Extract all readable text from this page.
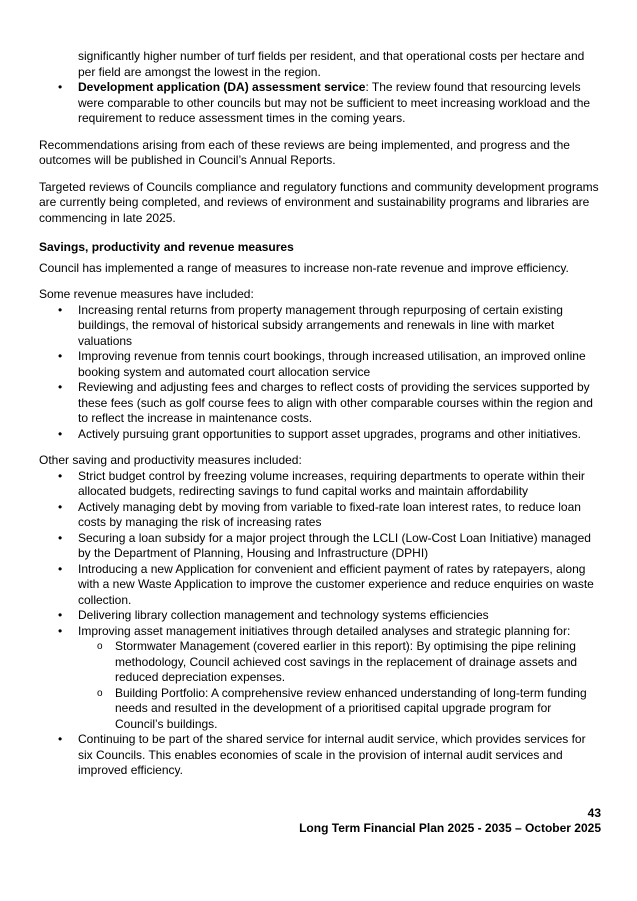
significantly higher number of turf fields per resident, and that operational costs per hectare and per field are amongst the lowest in the region.

• Development application (DA) assessment service: The review found that resourcing levels were comparable to other councils but may not be sufficient to meet increasing workload and the requirement to reduce assessment times in the coming years.

Recommendations arising from each of these reviews are being implemented, and progress and the outcomes will be published in Council’s Annual Reports.

Targeted reviews of Councils compliance and regulatory functions and community development programs are currently being completed, and reviews of environment and sustainability programs and libraries are commencing in late 2025.

Savings, productivity and revenue measures

Council has implemented a range of measures to increase non-rate revenue and improve efficiency.

Some revenue measures have included:

• Increasing rental returns from property management through repurposing of certain existing buildings, the removal of historical subsidy arrangements and renewals in line with market valuations
• Improving revenue from tennis court bookings, through increased utilisation, an improved online booking system and automated court allocation service
• Reviewing and adjusting fees and charges to reflect costs of providing the services supported by these fees (such as golf course fees to align with other comparable courses within the region and to reflect the increase in maintenance costs.
• Actively pursuing grant opportunities to support asset upgrades, programs and other initiatives.

Other saving and productivity measures included:

• Strict budget control by freezing volume increases, requiring departments to operate within their allocated budgets, redirecting savings to fund capital works and maintain affordability
• Actively managing debt by moving from variable to fixed-rate loan interest rates, to reduce loan costs by managing the risk of increasing rates
• Securing a loan subsidy for a major project through the LCLI (Low-Cost Loan Initiative) managed by the Department of Planning, Housing and Infrastructure (DPHI)
• Introducing a new Application for convenient and efficient payment of rates by ratepayers, along with a new Waste Application to improve the customer experience and reduce enquiries on waste collection.
• Delivering library collection management and technology systems efficiencies
• Improving asset management initiatives through detailed analyses and strategic planning for:
o Stormwater Management (covered earlier in this report): By optimising the pipe relining methodology, Council achieved cost savings in the replacement of drainage assets and reduced depreciation expenses.
o Building Portfolio: A comprehensive review enhanced understanding of long-term funding needs and resulted in the development of a prioritised capital upgrade program for Council’s buildings.
• Continuing to be part of the shared service for internal audit service, which provides services for six Councils. This enables economies of scale in the provision of internal audit services and improved efficiency.
43
Long Term Financial Plan 2025 - 2035 – October 2025
